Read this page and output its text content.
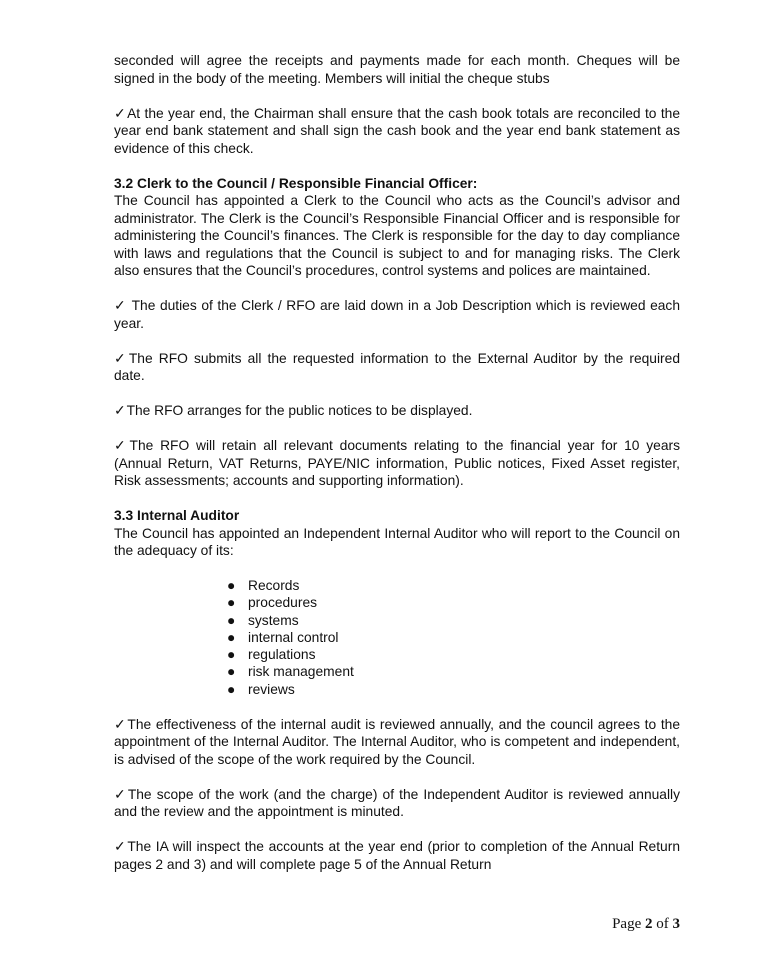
seconded will agree the receipts and payments made for each month. Cheques will be signed in the body of the meeting. Members will initial the cheque stubs

✓At the year end, the Chairman shall ensure that the cash book totals are reconciled to the year end bank statement and shall sign the cash book and the year end bank statement as evidence of this check.

3.2 Clerk to the Council / Responsible Financial Officer:

The Council has appointed a Clerk to the Council who acts as the Council’s advisor and administrator. The Clerk is the Council’s Responsible Financial Officer and is responsible for administering the Council’s finances. The Clerk is responsible for the day to day compliance with laws and regulations that the Council is subject to and for managing risks. The Clerk also ensures that the Council’s procedures, control systems and polices are maintained.

✓ The duties of the Clerk / RFO are laid down in a Job Description which is reviewed each year.

✓The RFO submits all the requested information to the External Auditor by the required date.

✓The RFO arranges for the public notices to be displayed.

✓The RFO will retain all relevant documents relating to the financial year for 10 years (Annual Return, VAT Returns, PAYE/NIC information, Public notices, Fixed Asset register, Risk assessments; accounts and supporting information).

3.3 Internal Auditor

The Council has appointed an Independent Internal Auditor who will report to the Council on the adequacy of its:

● Records
● procedures
● systems
● internal control
● regulations
● risk management
● reviews

✓The effectiveness of the internal audit is reviewed annually, and the council agrees to the appointment of the Internal Auditor. The Internal Auditor, who is competent and independent, is advised of the scope of the work required by the Council.

✓The scope of the work (and the charge) of the Independent Auditor is reviewed annually and the review and the appointment is minuted.

✓The IA will inspect the accounts at the year end (prior to completion of the Annual Return pages 2 and 3) and will complete page 5 of the Annual Return

Page 2 of 3
